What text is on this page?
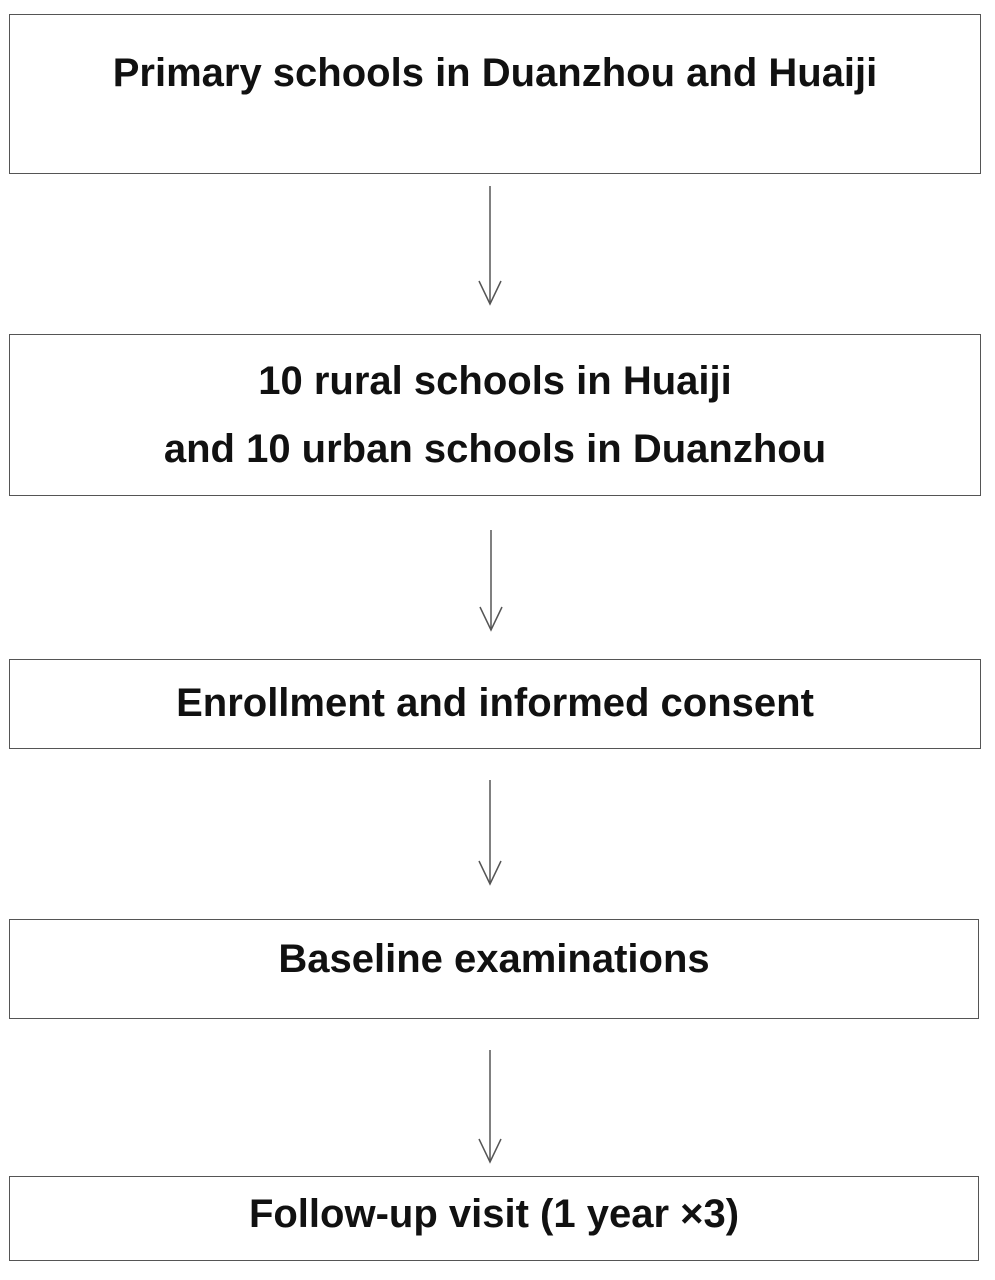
Primary schools in Duanzhou and Huaiji
10 rural schools in Huaiji
and 10 urban schools in Duanzhou
Enrollment and informed consent
Baseline examinations
Follow-up visit (1 year ×3)
